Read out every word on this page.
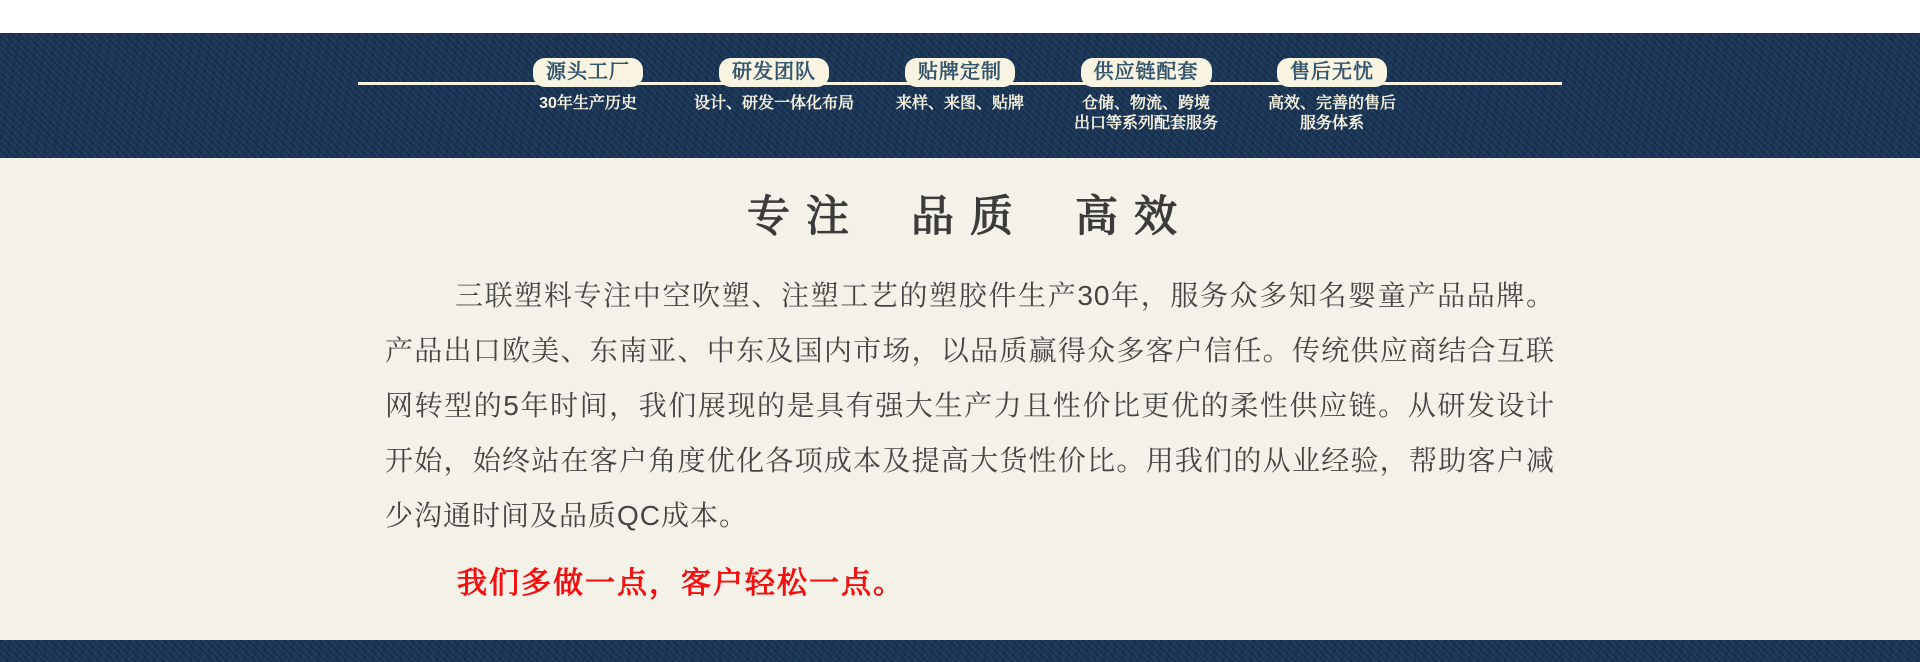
源头工厂
30年生产历史
研发团队
设计、研发一体化布局
贴牌定制
来样、来图、贴牌
供应链配套
仓储、物流、跨境
出口等系列配套服务
售后无忧
高效、完善的售后
服务体系
专注 品质 高效
三联塑料专注中空吹塑、注塑工艺的塑胶件生产30年，服务众多知名婴童产品品牌。产品出口欧美、东南亚、中东及国内市场，以品质赢得众多客户信任。传统供应商结合互联网转型的5年时间，我们展现的是具有强大生产力且性价比更优的柔性供应链。从研发设计开始，始终站在客户角度优化各项成本及提高大货性价比。用我们的从业经验，帮助客户减少沟通时间及品质QC成本。
我们多做一点，客户轻松一点。
